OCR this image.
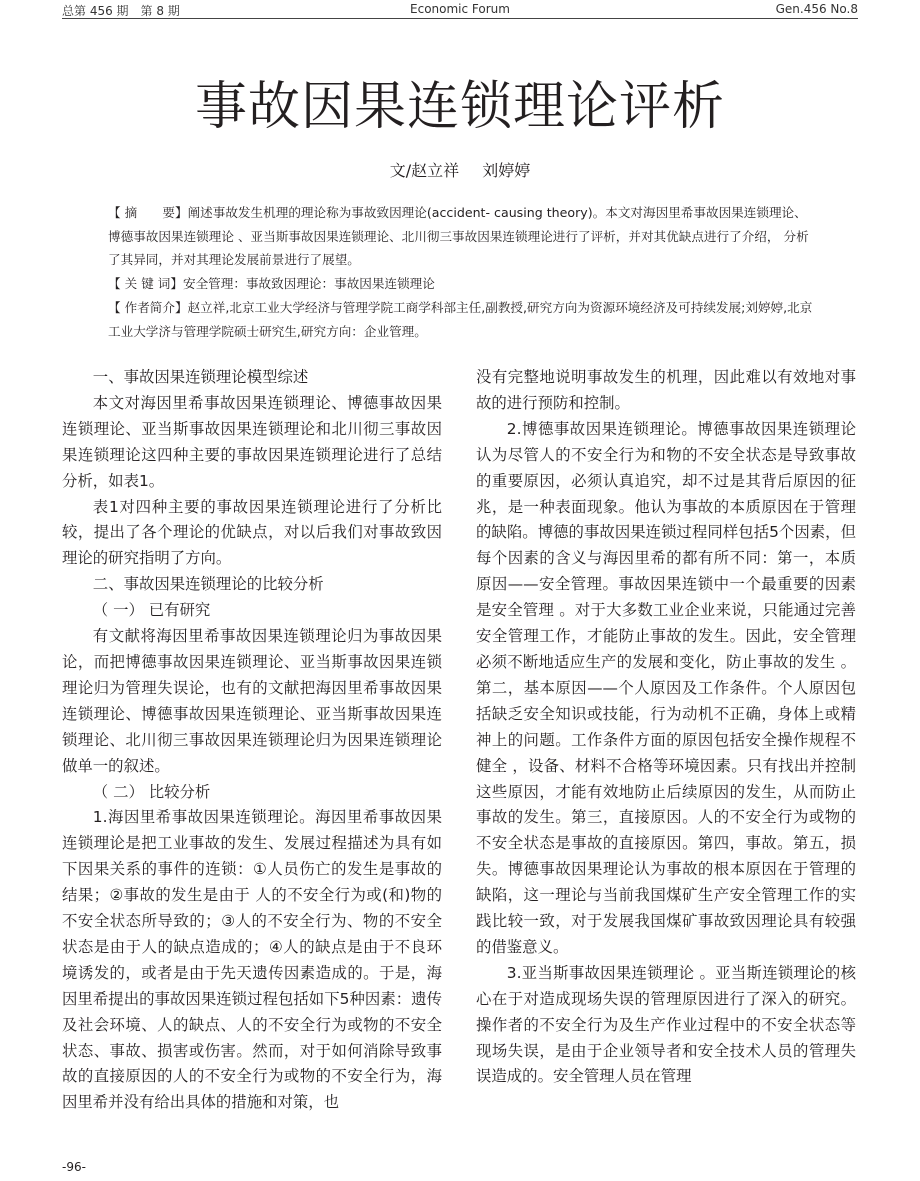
总第 456 期　第 8 期	Economic Forum	Gen.456 No.8
事故因果连锁理论评析
文/赵立祥 刘婷婷
【 摘　　要】阐述事故发生机理的理论称为事故致因理论(accident- causing theory)。本文对海因里希事故因果连锁理论、博德事故因果连锁理论 、亚当斯事故因果连锁理论、北川彻三事故因果连锁理论进行了评析，并对其优缺点进行了介绍， 分析了其异同，并对其理论发展前景进行了展望。
【 关 键 词】安全管理：事故致因理论：事故因果连锁理论
【 作者简介】赵立祥,北京工业大学经济与管理学院工商学科部主任,副教授,研究方向为资源环境经济及可持续发展;刘婷婷,北京工业大学济与管理学院硕士研究生,研究方向：企业管理。
一、事故因果连锁理论模型综述

本文对海因里希事故因果连锁理论、博德事故因果连锁理论、亚当斯事故因果连锁理论和北川彻三事故因果连锁理论这四种主要的事故因果连锁理论进行了总结分析，如表1。

表1对四种主要的事故因果连锁理论进行了分析比较，提出了各个理论的优缺点，对以后我们对事故致因理论的研究指明了方向。

二、事故因果连锁理论的比较分析
（ 一） 已有研究

有文献将海因里希事故因果连锁理论归为事故因果论，而把博德事故因果连锁理论、亚当斯事故因果连锁理论归为管理失误论，也有的文献把海因里希事故因果连锁理论、博德事故因果连锁理论、亚当斯事故因果连锁理论、北川彻三事故因果连锁理论归为因果连锁理论做单一的叙述。

（ 二） 比较分析

1.海因里希事故因果连锁理论。海因里希事故因果连锁理论是把工业事故的发生、发展过程描述为具有如下因果关系的事件的连锁：①人员伤亡的发生是事故的结果；②事故的发生是由于 人的不安全行为或(和)物的不安全状态所导致的；③人的不安全行为、物的不安全状态是由于人的缺点造成的；④人的缺点是由于不良环境诱发的，或者是由于先天遗传因素造成的。于是，海因里希提出的事故因果连锁过程包括如下5种因素：遗传及社会环境、人的缺点、人的不安全行为或物的不安全状态、事故、损害或伤害。然而，对于如何消除导致事故的直接原因的人的不安全行为或物的不安全行为，海因里希并没有给出具体的措施和对策，也

没有完整地说明事故发生的机理，因此难以有效地对事故的进行预防和控制。

2.博德事故因果连锁理论。博德事故因果连锁理论认为尽管人的不安全行为和物的不安全状态是导致事故的重要原因，必须认真追究，却不过是其背后原因的征兆，是一种表面现象。他认为事故的本质原因在于管理的缺陷。博德的事故因果连锁过程同样包括5个因素，但每个因素的含义与海因里希的都有所不同：第一，本质原因——安全管理。事故因果连锁中一个最重要的因素是安全管理 。对于大多数工业企业来说，只能通过完善安全管理工作，才能防止事故的发生。因此，安全管理必须不断地适应生产的发展和变化，防止事故的发生 。第二，基本原因——个人原因及工作条件。个人原因包括缺乏安全知识或技能，行为动机不正确，身体上或精神上的问题。工作条件方面的原因包括安全操作规程不健全 ，设备、材料不合格等环境因素。只有找出并控制这些原因，才能有效地防止后续原因的发生，从而防止事故的发生。第三，直接原因。人的不安全行为或物的不安全状态是事故的直接原因。第四，事故。第五，损失。博德事故因果理论认为事故的根本原因在于管理的缺陷，这一理论与当前我国煤矿生产安全管理工作的实践比较一致，对于发展我国煤矿事故致因理论具有较强的借鉴意义。

3.亚当斯事故因果连锁理论 。亚当斯连锁理论的核心在于对造成现场失误的管理原因进行了深入的研究。操作者的不安全行为及生产作业过程中的不安全状态等现场失误，是由于企业领导者和安全技术人员的管理失误造成的。安全管理人员在管理

-96-
